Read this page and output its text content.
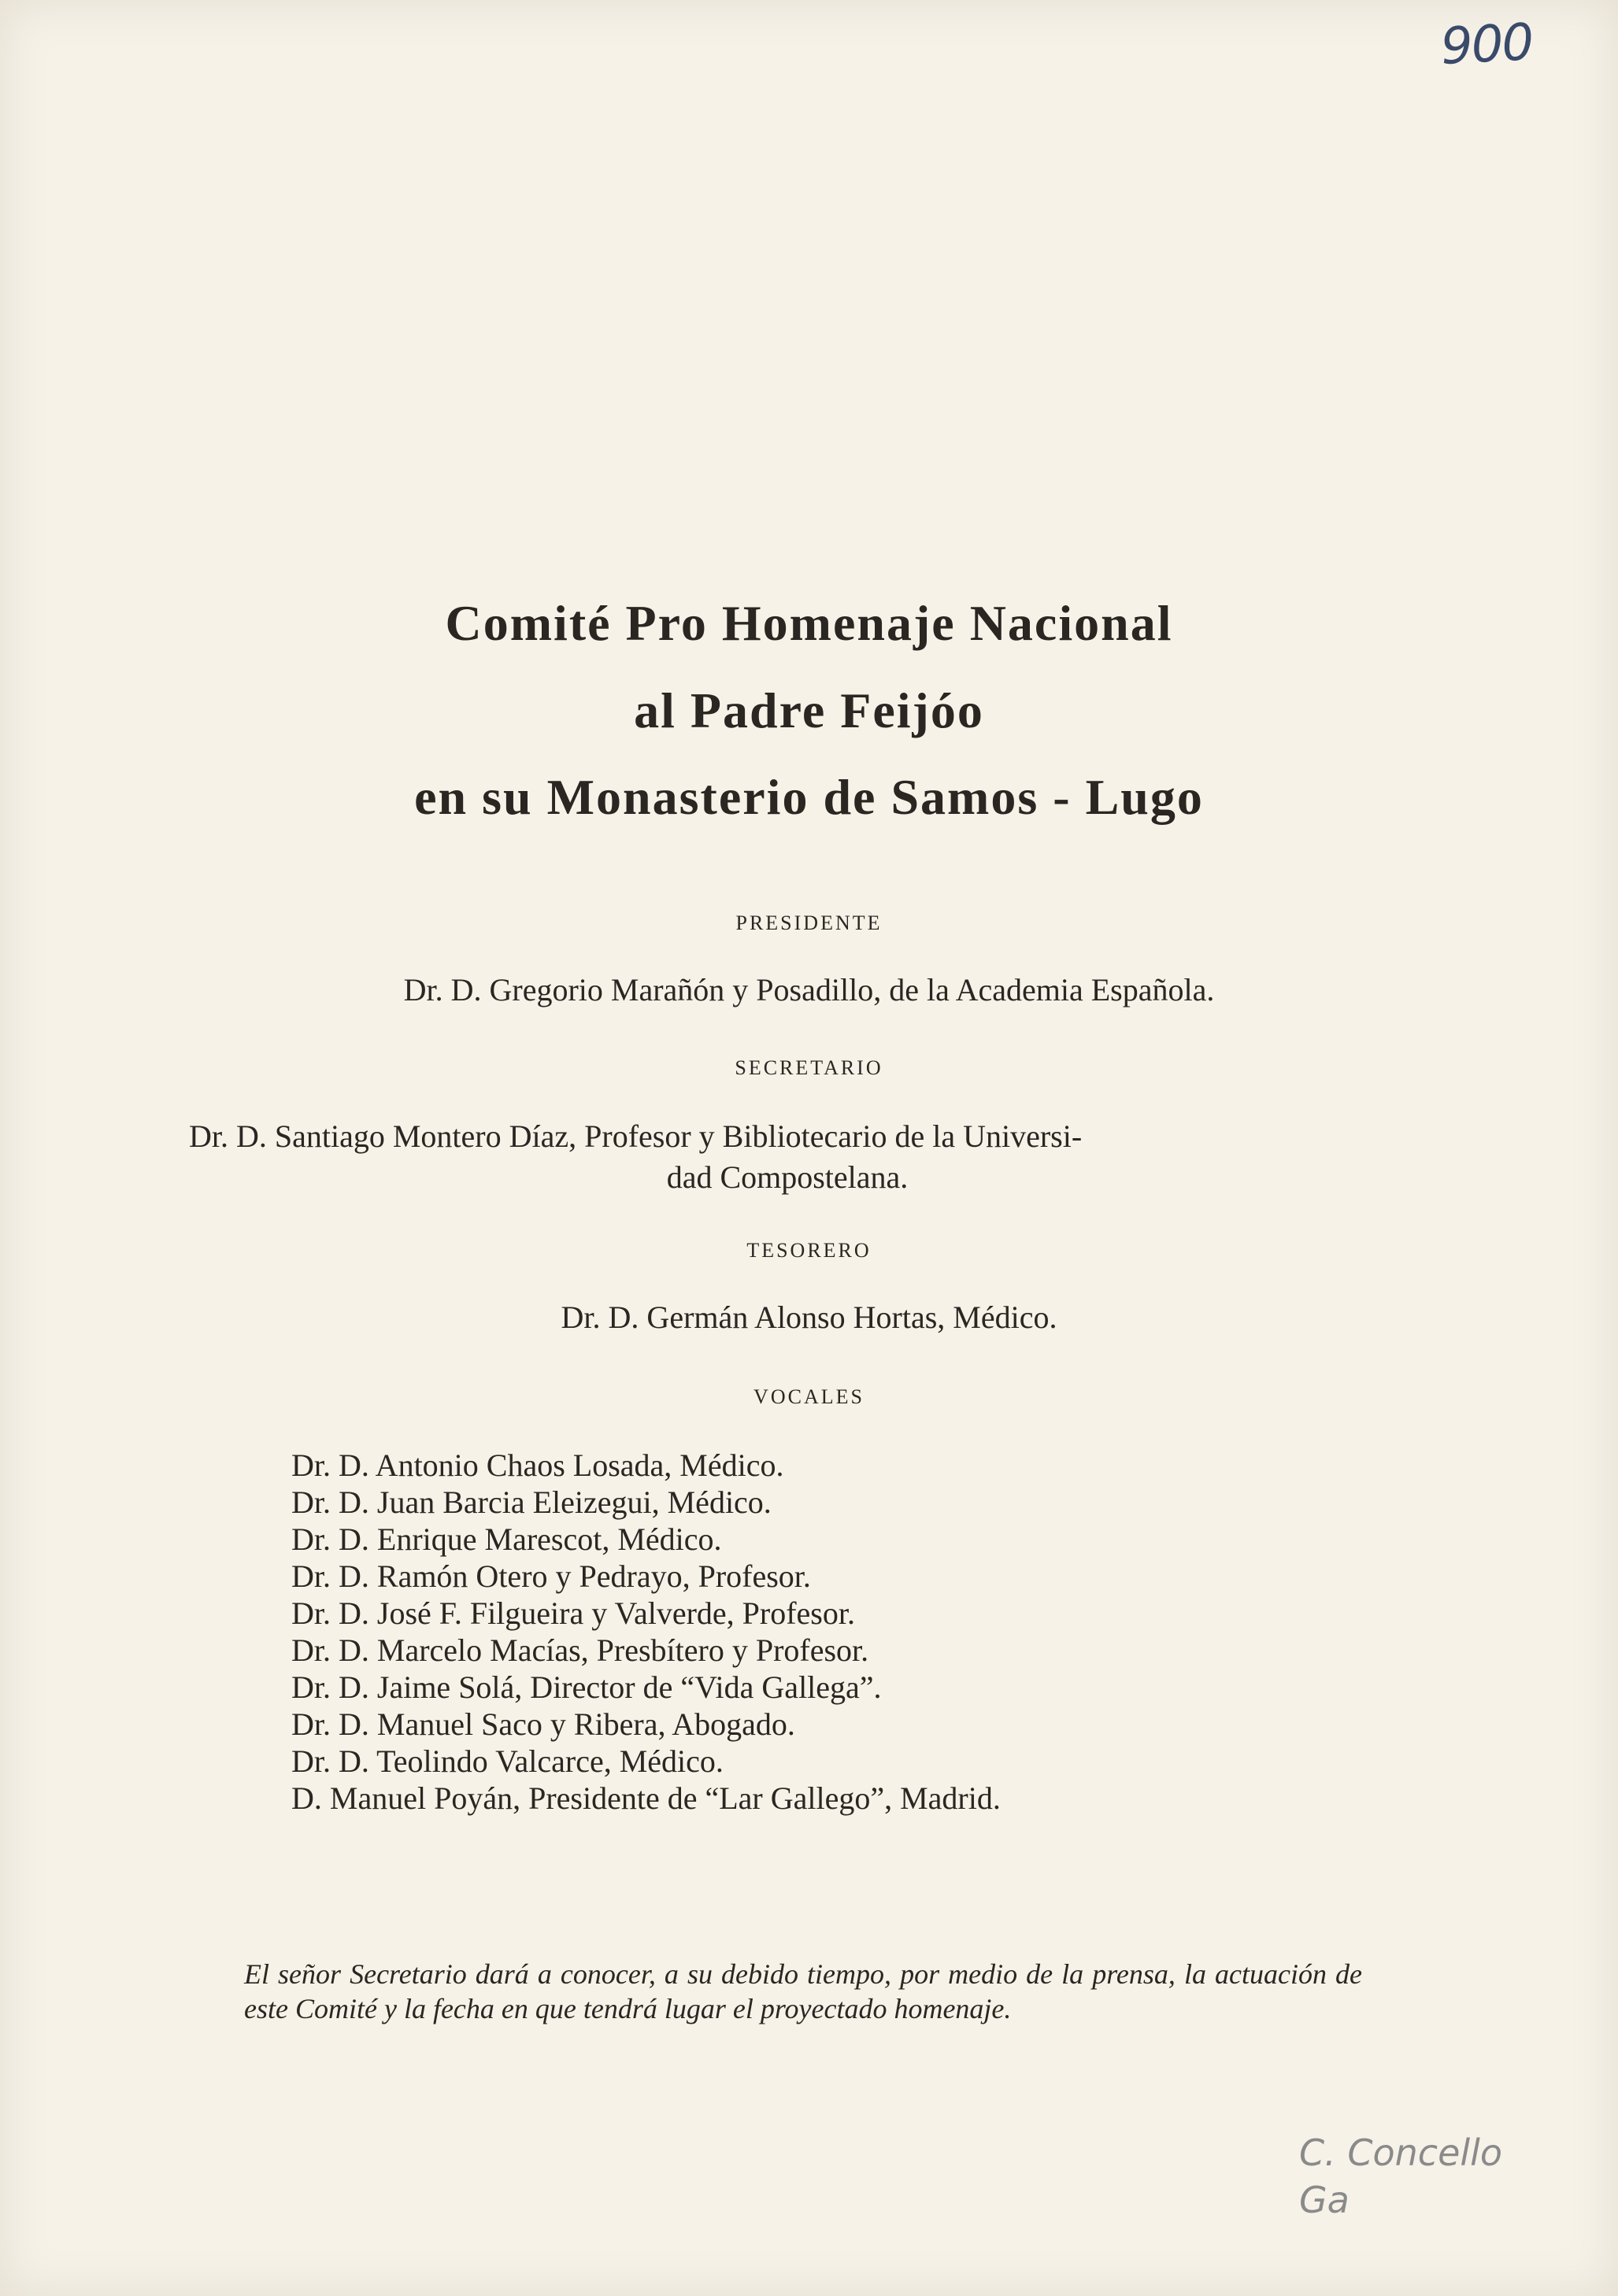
900
Comité Pro Homenaje Nacional
al Padre Feijóo
en su Monasterio de Samos - Lugo
PRESIDENTE
Dr. D. Gregorio Marañón y Posadillo, de la Academia Española.
SECRETARIO
Dr. D. Santiago Montero Díaz, Profesor y Bibliotecario de la Universi-
dad Compostelana.
TESORERO
Dr. D. Germán Alonso Hortas, Médico.
VOCALES
Dr. D. Antonio Chaos Losada, Médico.
Dr. D. Juan Barcia Eleizegui, Médico.
Dr. D. Enrique Marescot, Médico.
Dr. D. Ramón Otero y Pedrayo, Profesor.
Dr. D. José F. Filgueira y Valverde, Profesor.
Dr. D. Marcelo Macías, Presbítero y Profesor.
Dr. D. Jaime Solá, Director de “Vida Gallega”.
Dr. D. Manuel Saco y Ribera, Abogado.
Dr. D. Teolindo Valcarce, Médico.
D. Manuel Poyán, Presidente de “Lar Gallego”, Madrid.

El señor Secretario dará a conocer, a su debido tiempo, por medio de la prensa, la actuación de este Comité y la fecha en que tendrá lugar el proyectado homenaje.

C. Concello
Ga
